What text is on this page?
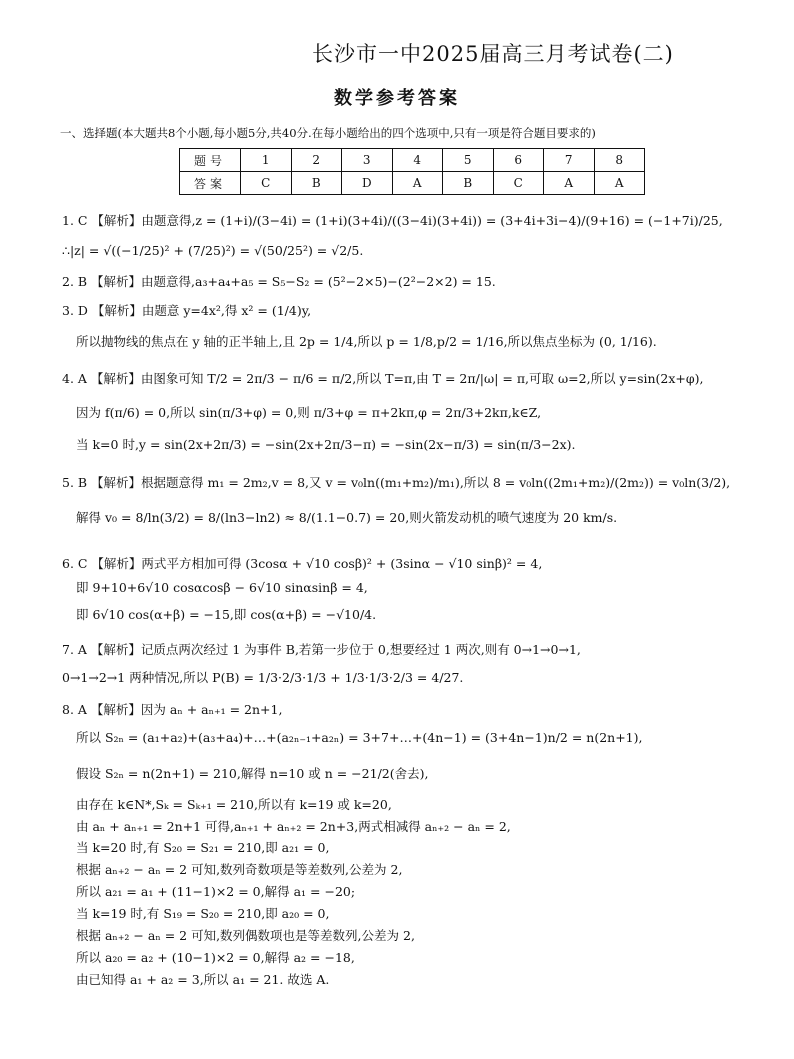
长沙市一中2025届高三月考试卷(二)
数学参考答案
一、选择题(本大题共8个小题,每小题5分,共40分.在每小题给出的四个选项中,只有一项是符合题目要求的)
题号	1	2	3	4	5	6	7	8
答案	C	B	D	A	B	C	A	A
1. C 【解析】由题意得,z = (1+i)/(3−4i) = (1+i)(3+4i)/((3−4i)(3+4i)) = (3+4i+3i−4)/(9+16) = (−1+7i)/25,
∴|z| = √((−1/25)² + (7/25)²) = √(50/25²) = √2/5.
2. B 【解析】由题意得,a₃+a₄+a₅ = S₅−S₂ = (5²−2×5)−(2²−2×2) = 15.
3. D 【解析】由题意 y=4x²,得 x² = (1/4)y,
所以抛物线的焦点在 y 轴的正半轴上,且 2p = 1/4,所以 p = 1/8,p/2 = 1/16,所以焦点坐标为 (0, 1/16).
4. A 【解析】由图象可知 T/2 = 2π/3 − π/6 = π/2,所以 T=π,由 T = 2π/|ω| = π,可取 ω=2,所以 y=sin(2x+φ),
因为 f(π/6) = 0,所以 sin(π/3+φ) = 0,则 π/3+φ = π+2kπ,φ = 2π/3+2kπ,k∈Z,
当 k=0 时,y = sin(2x+2π/3) = −sin(2x+2π/3−π) = −sin(2x−π/3) = sin(π/3−2x).
5. B 【解析】根据题意得 m₁ = 2m₂,v = 8,又 v = v₀ln((m₁+m₂)/m₁),所以 8 = v₀ln((2m₁+m₂)/(2m₂)) = v₀ln(3/2),
解得 v₀ = 8/ln(3/2) = 8/(ln3−ln2) ≈ 8/(1.1−0.7) = 20,则火箭发动机的喷气速度为 20 km/s.
6. C 【解析】两式平方相加可得 (3cosα + √10 cosβ)² + (3sinα − √10 sinβ)² = 4,
即 9+10+6√10 cosαcosβ − 6√10 sinαsinβ = 4,
即 6√10 cos(α+β) = −15,即 cos(α+β) = −√10/4.
7. A 【解析】记质点两次经过 1 为事件 B,若第一步位于 0,想要经过 1 两次,则有 0→1→0→1,
0→1→2→1 两种情况,所以 P(B) = 1/3·2/3·1/3 + 1/3·1/3·2/3 = 4/27.
8. A 【解析】因为 aₙ + aₙ₊₁ = 2n+1,
所以 S₂ₙ = (a₁+a₂)+(a₃+a₄)+…+(a₂ₙ₋₁+a₂ₙ) = 3+7+…+(4n−1) = (3+4n−1)n/2 = n(2n+1),
假设 S₂ₙ = n(2n+1) = 210,解得 n=10 或 n = −21/2(舍去),
由存在 k∈N*,Sₖ = Sₖ₊₁ = 210,所以有 k=19 或 k=20,
由 aₙ + aₙ₊₁ = 2n+1 可得,aₙ₊₁ + aₙ₊₂ = 2n+3,两式相减得 aₙ₊₂ − aₙ = 2,
当 k=20 时,有 S₂₀ = S₂₁ = 210,即 a₂₁ = 0,
根据 aₙ₊₂ − aₙ = 2 可知,数列奇数项是等差数列,公差为 2,
所以 a₂₁ = a₁ + (11−1)×2 = 0,解得 a₁ = −20;
当 k=19 时,有 S₁₉ = S₂₀ = 210,即 a₂₀ = 0,
根据 aₙ₊₂ − aₙ = 2 可知,数列偶数项也是等差数列,公差为 2,
所以 a₂₀ = a₂ + (10−1)×2 = 0,解得 a₂ = −18,
由已知得 a₁ + a₂ = 3,所以 a₁ = 21. 故选 A.
